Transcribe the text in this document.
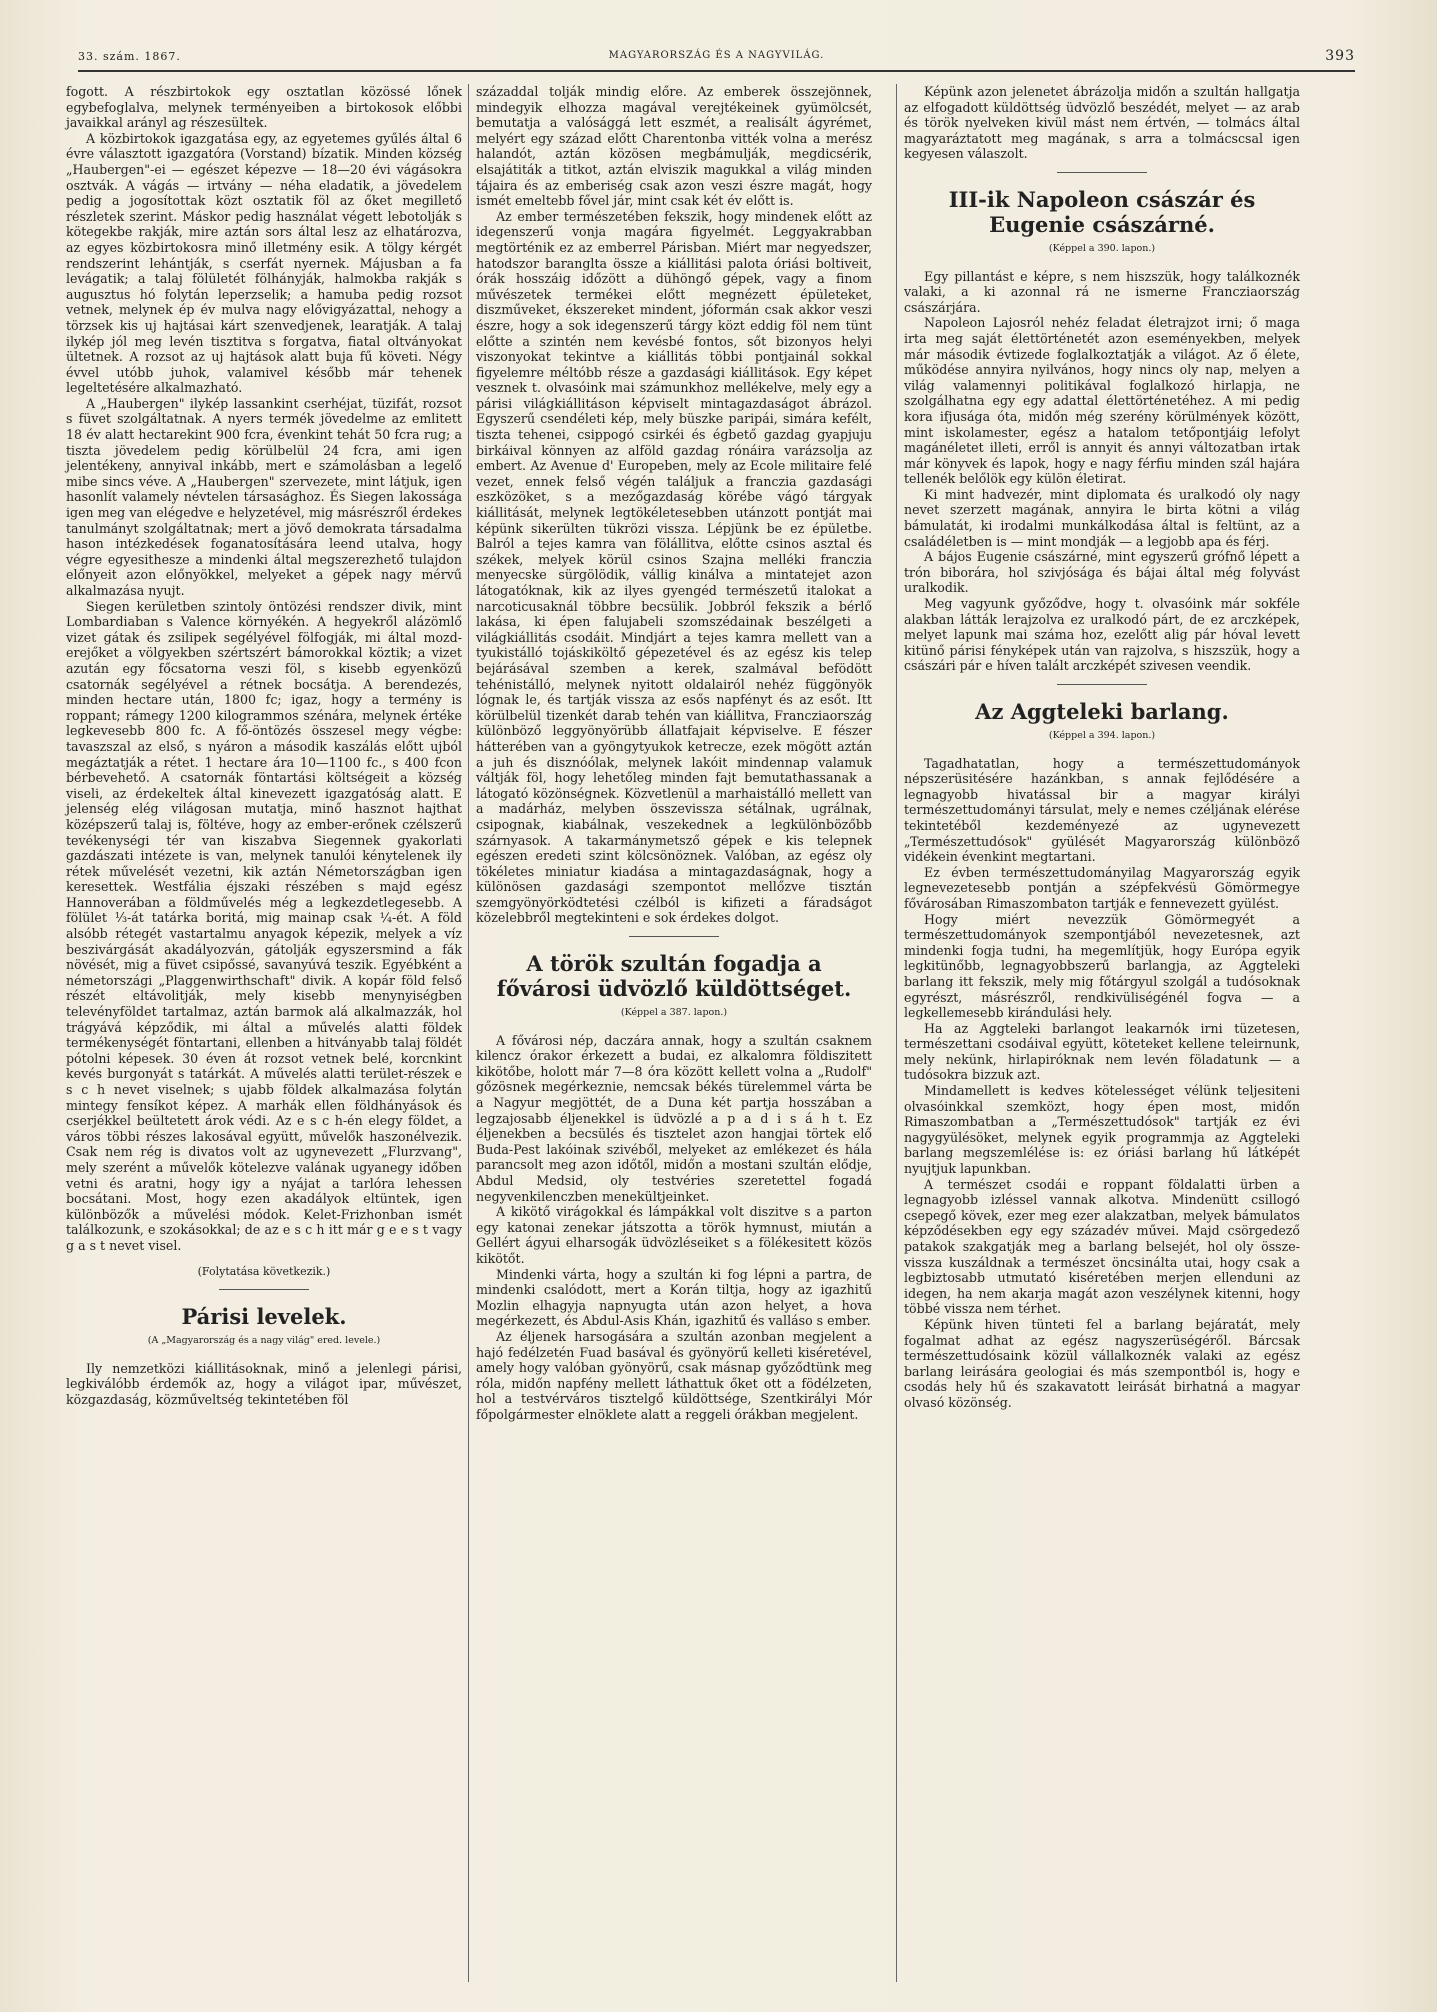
33. szám. 1867.	MAGYARORSZÁG ÉS A NAGYVILÁG.	393

fogott. A részbirtokok egy osztatlan közössé lőnek egybefoglalva, melynek terményeiben a birtokosok előbbi javaikkal arányl ag részesültek.

A közbirtokok igazgatása egy, az egyetemes gyűlés által 6 évre választott igazgatóra (Vorstand) bízatik. Minden község „Haubergen"-ei — egészet képezve — 18—20 évi vágásokra osztvák. A vágás — irtvány — néha eladatik, a jövedelem pedig a jogosítottak közt osztatik föl az őket megillető részletek szerint. Máskor pedig használat végett lebotolják s kötegekbe rakják, mire aztán sors által lesz az elhatározva, az egyes közbirtokosra minő illetmény esik. A tölgy kérgét rendszerint lehántják, s cserfát nyernek. Májusban a fa levágatik; a talaj fölületét fölhányják, halmokba rakják s augusztus hó folytán leperzselik; a hamuba pedig rozsot vetnek, melynek ép év mulva nagy elővigyázattal, nehogy a törzsek kis uj hajtásai kárt szenvedjenek, learatják. A talaj ilykép jól meg levén tisztitva s forgatva, fiatal oltványokat ültetnek. A rozsot az uj hajtások alatt buja fű követi. Négy évvel utóbb juhok, valamivel később már tehenek legeltetésére alkalmazható.

A „Haubergen" ilykép lassankint cserhéjat, tüzifát, rozsot s füvet szolgáltatnak. A nyers termék jövedelme az emlitett 18 év alatt hectarekint 900 fcra, évenkint tehát 50 fcra rug; a tiszta jövedelem pedig körülbelül 24 fcra, ami igen jelentékeny, annyival inkább, mert e számolásban a legelő mibe sincs véve. A „Haubergen" szervezete, mint látjuk, igen hasonlít valamely névtelen társasághoz. És Siegen lakossága igen meg van elégedve e helyzetével, mig másrészről érdekes tanulmányt szolgáltatnak; mert a jövő demokrata társadalma hason intézkedések foganatosítására leend utalva, hogy végre egyesithesze a mindenki által megszerezhető tulajdon előnyeit azon előnyökkel, melyeket a gépek nagy mérvű alkalmazása nyujt.

Siegen kerületben szintoly öntözési rendszer divik, mint Lombardiaban s Valence környékén. A hegyekről alázömlő vizet gátak és zsilipek segélyével fölfogják, mi által mozd-erejőket a völgyekben szértszért bámorokkal köztik; a vizet azután egy főcsatorna veszi föl, s kisebb egyenközű csatornák segélyével a rétnek bocsátja. A berendezés, minden hectare után, 1800 fc; igaz, hogy a termény is roppant; rámegy 1200 kilogrammos szénára, melynek értéke legkevesebb 800 fc. A fő-öntözés összesel megy végbe: tavaszszal az első, s nyáron a második kaszálás előtt ujból megáztatják a rétet. 1 hectare ára 10—1100 fc., s 400 fcon bérbevehető. A csatornák föntartási költségeit a község viseli, az érdekeltek által kinevezett igazgatóság alatt. E jelenség elég világosan mutatja, minő hasznot hajthat középszerű talaj is, föltéve, hogy az ember-erőnek czélszerű tevékenységi tér van kiszabva Siegennek gyakorlati gazdászati intézete is van, melynek tanulói kénytelenek ily rétek művelését vezetni, kik aztán Németországban igen keresettek. Westfália éjszaki részében s majd egész Hannoverában a földművelés még a legkezdetlegesebb. A fölület ⅓-át tatárka boritá, mig mainap csak ¼-ét. A föld alsóbb rétegét vastartalmu anyagok képezik, melyek a víz beszivárgását akadályozván, gátolják egyszersmind a fák növését, mig a füvet csipőssé, savanyúvá teszik. Egyébként a németországi „Plaggenwirthschaft" divik. A kopár föld felső részét eltávolitják, mely kisebb menynyiségben televényföldet tartalmaz, aztán barmok alá alkalmazzák, hol trágyává képződik, mi által a művelés alatti földek termékenységét föntartani, ellenben a hitványabb talaj földét pótolni képesek. 30 éven át rozsot vetnek belé, korcnkint kevés burgonyát s tatárkát. A művelés alatti terület-részek e s c h nevet viselnek; s ujabb földek alkalmazása folytán mintegy fensíkot képez. A marhák ellen földhányások és cserjékkel beültetett árok védi. Az e s c h-én elegy földet, a város többi részes lakosával együtt, művelők haszonélvezik. Csak nem rég is divatos volt az ugynevezett „Flurzvang", mely szerént a művelők kötelezve valának ugyanegy időben vetni és aratni, hogy igy a nyájat a tarlóra lehessen bocsátani. Most, hogy ezen akadályok eltüntek, igen különbözők a művelési módok. Kelet-Frizhonban ismét találkozunk, e szokásokkal; de az e s c h itt már g e e s t vagy g a s t nevet visel.

(Folytatása következik.)

Párisi levelek.

(A „Magyarország és a nagy világ" ered. levele.)

Ily nemzetközi kiállitásoknak, minő a jelenlegi párisi, legkiválóbb érdemők az, hogy a világot ipar, művészet, közgazdaság, közműveltség tekintetében föl

századdal tolják mindig előre. Az emberek összejönnek, mindegyik elhozza magával verejtékeinek gyümölcsét, bemutatja a valósággá lett eszmét, a realisált ágyrémet, melyért egy század előtt Charentonba vitték volna a merész halandót, aztán közösen megbámulják, megdicsérik, elsajátiták a titkot, aztán elviszik magukkal a világ minden tájaira és az emberiség csak azon veszi észre magát, hogy ismét emeltebb fővel jár, mint csak két év előtt is.

Az ember természetében fekszik, hogy mindenek előtt az idegenszerű vonja magára figyelmét. Leggyakrabban megtörténik ez az emberrel Párisban. Miért mar negyedszer, hatodszor baranglta össze a kiállitási palota óriási boltiveit, órák hosszáig időzött a dühöngő gépek, vagy a finom művészetek termékei előtt megnézett épületeket, diszműveket, ékszereket mindent, jóformán csak akkor veszi észre, hogy a sok idegenszerű tárgy közt eddig föl nem tünt előtte a szintén nem kevésbé fontos, sőt bizonyos helyi viszonyokat tekintve a kiállitás többi pontjainál sokkal figyelemre méltóbb része a gazdasági kiállitások. Egy képet vesznek t. olvasóink mai számunkhoz mellékelve, mely egy a párisi világkiállitáson képviselt mintagazdaságot ábrázol. Egyszerű csendéleti kép, mely büszke paripái, simára kefélt, tiszta tehenei, csippogó csirkéi és égbető gazdag gyapjuju birkáival könnyen az alföld gazdag rónáira varázsolja az embert. Az Avenue d' Europeben, mely az Ecole militaire felé vezet, ennek felső végén találjuk a franczia gazdasági eszközöket, s a mezőgazdaság körébe vágó tárgyak kiállitását, melynek legtökéletesebben utánzott pontját mai képünk sikerülten tükrözi vissza. Lépjünk be ez épületbe. Balról a tejes kamra van fölállitva, előtte csinos asztal és székek, melyek körül csinos Szajna melléki franczia menyecske sürgölödik, vállig kinálva a mintatejet azon látogatóknak, kik az ilyes gyengéd természetű italokat a narcoticusaknál többre becsülik. Jobbról fekszik a bérlő lakása, ki épen falujabeli szomszédainak beszélgeti a világkiállitás csodáit. Mindjárt a tejes kamra mellett van a tyukistálló tojáskiköltő gépezetével és az egész kis telep bejárásával szemben a kerek, szalmával befödött tehénistálló, melynek nyitott oldalairól nehéz függönyök lógnak le, és tartják vissza az esős napfényt és az esőt. Itt körülbelül tizenkét darab tehén van kiállitva, Francziaország különböző leggyönyörübb állatfajait képviselve. E fészer hátterében van a gyöngytyukok ketreczе, ezek mögött aztán a juh és disznóólak, melynek lakóit mindennap valamuk váltják föl, hogy lehetőleg minden fajt bemutathassanak a látogató közönségnek. Közvetlenül a marhaistálló mellett van a madárház, melyben összevissza sétálnak, ugrálnak, csipognak, kiabálnak, veszekednek a legkülönbözőbb szárnyasok. A takarmánymetsző gépek e kis telepnek egészen eredeti szint kölcsönöznek. Valóban, az egész oly tökéletes miniatur kiadása a mintagazdaságnak, hogy a különösen gazdasági szempontot mellőzve tisztán szemgyönyörködtetési czélból is kifizeti a fáradságot közelebbről megtekinteni e sok érdekes dolgot.

A török szultán fogadja a fővárosi üdvözlő küldöttséget.

(Képpel a 387. lapon.)

A fővárosi nép, daczára annak, hogy a szultán csaknem kilencz órakor érkezett a budai, ez alkalomra földiszitett kikötőbe, holott már 7—8 óra között kellett volna a „Rudolf" gőzösnek megérkeznie, nemcsak békés türelemmel várta be a Nagyur megjöttét, de a Duna két partja hosszában a legzajosabb éljenekkel is üdvözlé a p a d i s á h t. Ez éljenekben a becsülés és tisztelet azon hangjai törtek elő Buda-Pest lakóinak szivéből, melyeket az emlékezet és hála parancsolt meg azon időtől, midőn a mostani szultán elődje, Abdul Medsid, oly testvéries szeretettel fogadá negyvenkilenczben menekültjeinket.

A kikötő virágokkal és lámpákkal volt diszitve s a parton egy katonai zenekar játszotta a török hymnust, miután a Gellért ágyui elharsogák üdvözléseiket s a fölékesitett közös kikötőt.

Mindenki várta, hogy a szultán ki fog lépni a partra, de mindenki csalódott, mert a Korán tiltja, hogy az igazhitű Mozlin elhagyja napnyugta után azon helyet, a hova megérkezett, és Abdul-Asis Khán, igazhitű és valláso s ember.

Az éljenek harsogására a szultán azonban megjelent a hajó fedélzetén Fuad basával és gyönyörű kelleti kiséretével, amely hogy valóban gyönyörű, csak másnap győződtünk meg róla, midőn napfény mellett láthattuk őket ott a födélzeten, hol a testvérváros tisztelgő küldöttsége, Szentkirályi Mór főpolgármester elnöklete alatt a reggeli órákban megjelent.

Képünk azon jelenetet ábrázolja midőn a szultán hallgatja az elfogadott küldöttség üdvözlő beszédét, melyet — az arab és török nyelveken kivül mást nem értvén, — tolmács által magyaráztatott meg magának, s arra a tolmácscsal igen kegyesen válaszolt.

III-ik Napoleon császár és Eugenie császárné.

(Képpel a 390. lapon.)

Egy pillantást e képre, s nem hiszszük, hogy találkoznék valaki, a ki azonnal rá ne ismerne Francziaország császárjára.

Napoleon Lajosról nehéz feladat életrajzot irni; ő maga irta meg saját élettörténetét azon eseményekben, melyek már második évtizede foglalkoztatják a világot. Az ő élete, működése annyira nyilvános, hogy nincs oly nap, melyen a világ valamennyi politikával foglalkozó hirlapja, ne szolgálhatna egy egy adattal élettörténetéhez. A mi pedig kora ifjusága óta, midőn még szerény körülmények között, mint iskolamester, egész a hatalom tetőpontjáig lefolyt magánéletet illeti, erről is annyit és annyi változatban irtak már könyvek és lapok, hogy e nagy férfiu minden szál hajára tellenék belőlök egy külön életirat.

Ki mint hadvezér, mint diplomata és uralkodó oly nagy nevet szerzett magának, annyira le birta kötni a világ bámulatát, ki irodalmi munkálkodása által is feltünt, az a családéletben is — mint mondják — a legjobb apa és férj.

A bájos Eugenie császárné, mint egyszerű grófnő lépett a trón biborára, hol szivjósága és bájai által még folyvást uralkodik.

Meg vagyunk győződve, hogy t. olvasóink már sokféle alakban látták lerajzolva ez uralkodó párt, de ez arczképek, melyet lapunk mai száma hoz, ezelőtt alig pár hóval levett kitünő párisi fényképek után van rajzolva, s hiszszük, hogy a császári pár e híven talált arczképét szivesen veendik.

Az Aggteleki barlang.

(Képpel a 394. lapon.)

Tagadhatatlan, hogy a természettudományok népszerüsitésére hazánkban, s annak fejlődésére a legnagyobb hivatással bir a magyar királyi természettudományi társulat, mely e nemes czéljának elérése tekintetéből kezdeményezé az ugynevezett „Természettudósok" gyülését Magyarország különböző vidékein évenkint megtartani.

Ez évben természettudományilag Magyarország egyik legnevezetesebb pontján a szépfekvésü Gömörmegye fővárosában Rimaszombaton tartják e fennevezett gyülést.

Hogy miért nevezzük Gömörmegyét a természettudományok szempontjából nevezetesnek, azt mindenki fogja tudni, ha megemlítjük, hogy Európa egyik legkitünőbb, legnagyobbszerű barlangja, az Aggteleki barlang itt fekszik, mely mig főtárgyul szolgál a tudósoknak egyrészt, másrészről, rendkivüliségénél fogva — a legkellemesebb kirándulási hely.

Ha az Aggteleki barlangot leakarnók irni tüzetesen, természettani csodáival együtt, köteteket kellene teleirnunk, mely nekünk, hirlapiróknak nem levén föladatunk — a tudósokra bizzuk azt.

Mindamellett is kedves kötelességet vélünk teljesiteni olvasóinkkal szemközt, hogy épen most, midőn Rimaszombatban a „Természettudósok" tartják ez évi nagygyülésöket, melynek egyik programmja az Aggteleki barlang megszemlélése is: ez óriási barlang hű látképét nyujtjuk lapunkban.

A természet csodái e roppant földalatti ürben a legnagyobb izléssel vannak alkotva. Mindenütt csillogó csepegő kövek, ezer meg ezer alakzatban, melyek bámulatos képződésekben egy egy századév művei. Majd csörgedező patakok szakgatják meg a barlang belsejét, hol oly össze-vissza kuszáldnak a természet öncsinálta utai, hogy csak a legbiztosabb utmutató kiséretében merjen ellenduni az idegen, ha nem akarja magát azon veszélynek kitenni, hogy többé vissza nem térhet.

Képünk hiven tünteti fel a barlang bejáratát, mely fogalmat adhat az egész nagyszerüségéről. Bárcsak természettudósaink közül vállalkoznék valaki az egész barlang leirására geologiai és más szempontból is, hogy e csodás hely hű és szakavatott leirását birhatná a magyar olvasó közönség.
